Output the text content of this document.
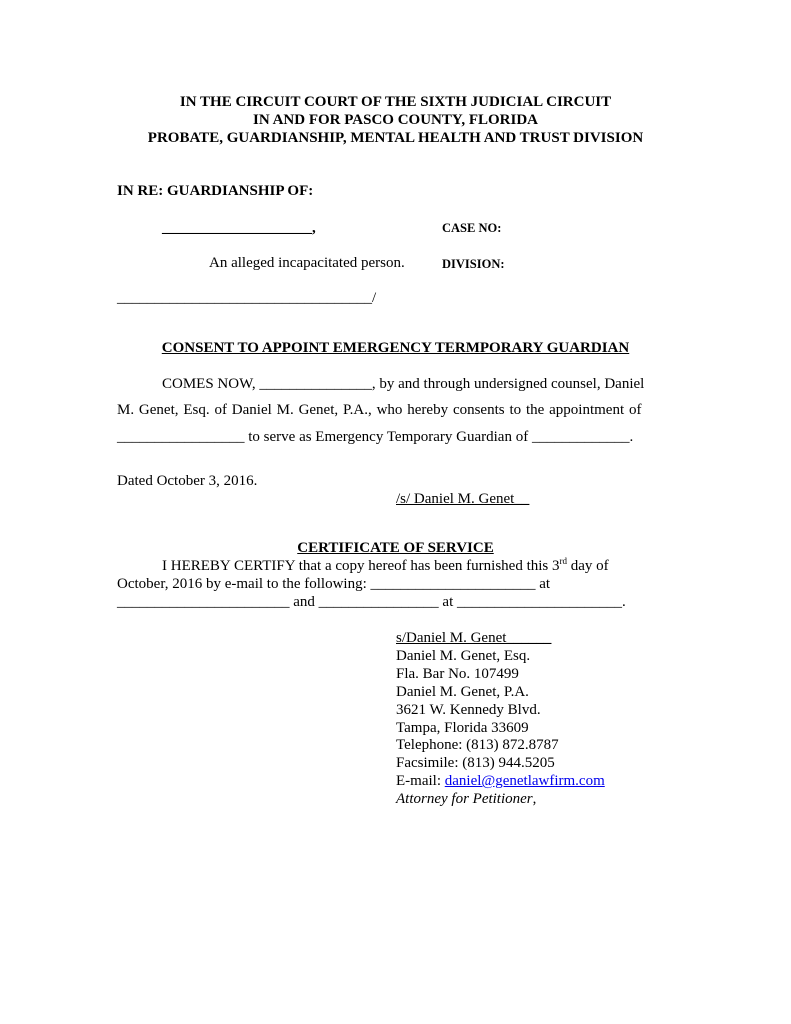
IN THE CIRCUIT COURT OF THE SIXTH JUDICIAL CIRCUIT
IN AND FOR PASCO COUNTY, FLORIDA
PROBATE, GUARDIANSHIP, MENTAL HEALTH AND TRUST DIVISION
IN RE: GUARDIANSHIP OF:
____________________,	CASE NO:
An alleged incapacitated person.	DIVISION:
__________________________________/
CONSENT TO APPOINT EMERGENCY TERMPORARY GUARDIAN
COMES NOW, _______________, by and through undersigned counsel, Daniel
M. Genet, Esq. of Daniel M. Genet, P.A., who hereby consents to the appointment of
_________________ to serve as Emergency Temporary Guardian of _____________.
Dated October 3, 2016.
/s/ Daniel M. Genet__
CERTIFICATE OF SERVICE
I HEREBY CERTIFY that a copy hereof has been furnished this 3rd day of
October, 2016 by e-mail to the following: ______________________ at
_______________________ and ________________ at ______________________.
s/Daniel M. Genet______
Daniel M. Genet, Esq.
Fla. Bar No. 107499
Daniel M. Genet, P.A.
3621 W. Kennedy Blvd.
Tampa, Florida 33609
Telephone: (813) 872.8787
Facsimile: (813) 944.5205
E-mail: daniel@genetlawfirm.com
Attorney for Petitioner,
